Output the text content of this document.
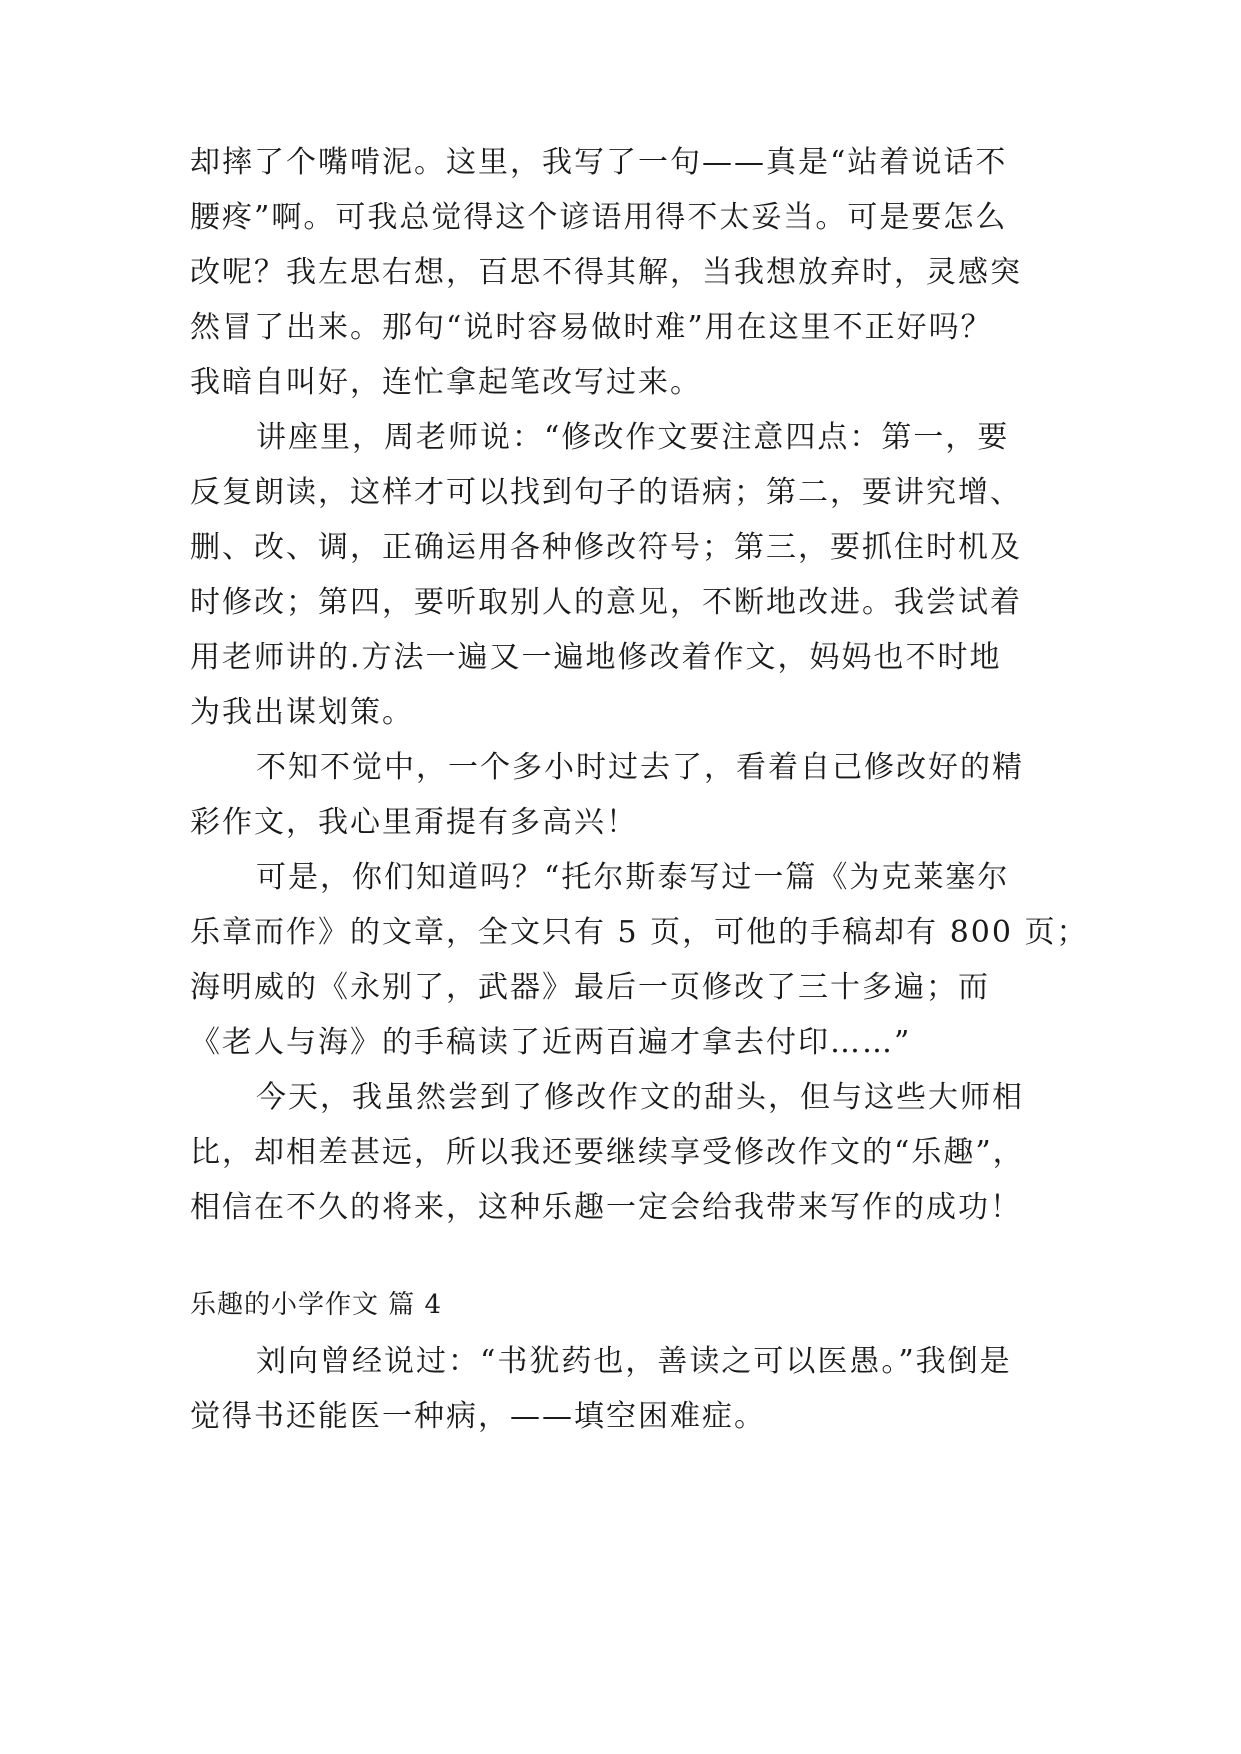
却摔了个嘴啃泥。这里，我写了一句——真是“站着说话不
腰疼”啊。可我总觉得这个谚语用得不太妥当。可是要怎么
改呢？我左思右想，百思不得其解，当我想放弃时，灵感突
然冒了出来。那句“说时容易做时难”用在这里不正好吗？
我暗自叫好，连忙拿起笔改写过来。
讲座里，周老师说：“修改作文要注意四点：第一，要
反复朗读，这样才可以找到句子的语病；第二，要讲究增、
删、改、调，正确运用各种修改符号；第三，要抓住时机及
时修改；第四，要听取别人的意见，不断地改进。我尝试着
用老师讲的.方法一遍又一遍地修改着作文，妈妈也不时地
为我出谋划策。
不知不觉中，一个多小时过去了，看着自己修改好的精
彩作文，我心里甭提有多高兴！
可是，你们知道吗？“托尔斯泰写过一篇《为克莱塞尔
乐章而作》的文章，全文只有 5 页，可他的手稿却有 800 页；
海明威的《永别了，武器》最后一页修改了三十多遍；而
《老人与海》的手稿读了近两百遍才拿去付印……”
今天，我虽然尝到了修改作文的甜头，但与这些大师相
比，却相差甚远，所以我还要继续享受修改作文的“乐趣”，
相信在不久的将来，这种乐趣一定会给我带来写作的成功！
乐趣的小学作文 篇 4
刘向曾经说过：“书犹药也，善读之可以医愚。”我倒是
觉得书还能医一种病，——填空困难症。
